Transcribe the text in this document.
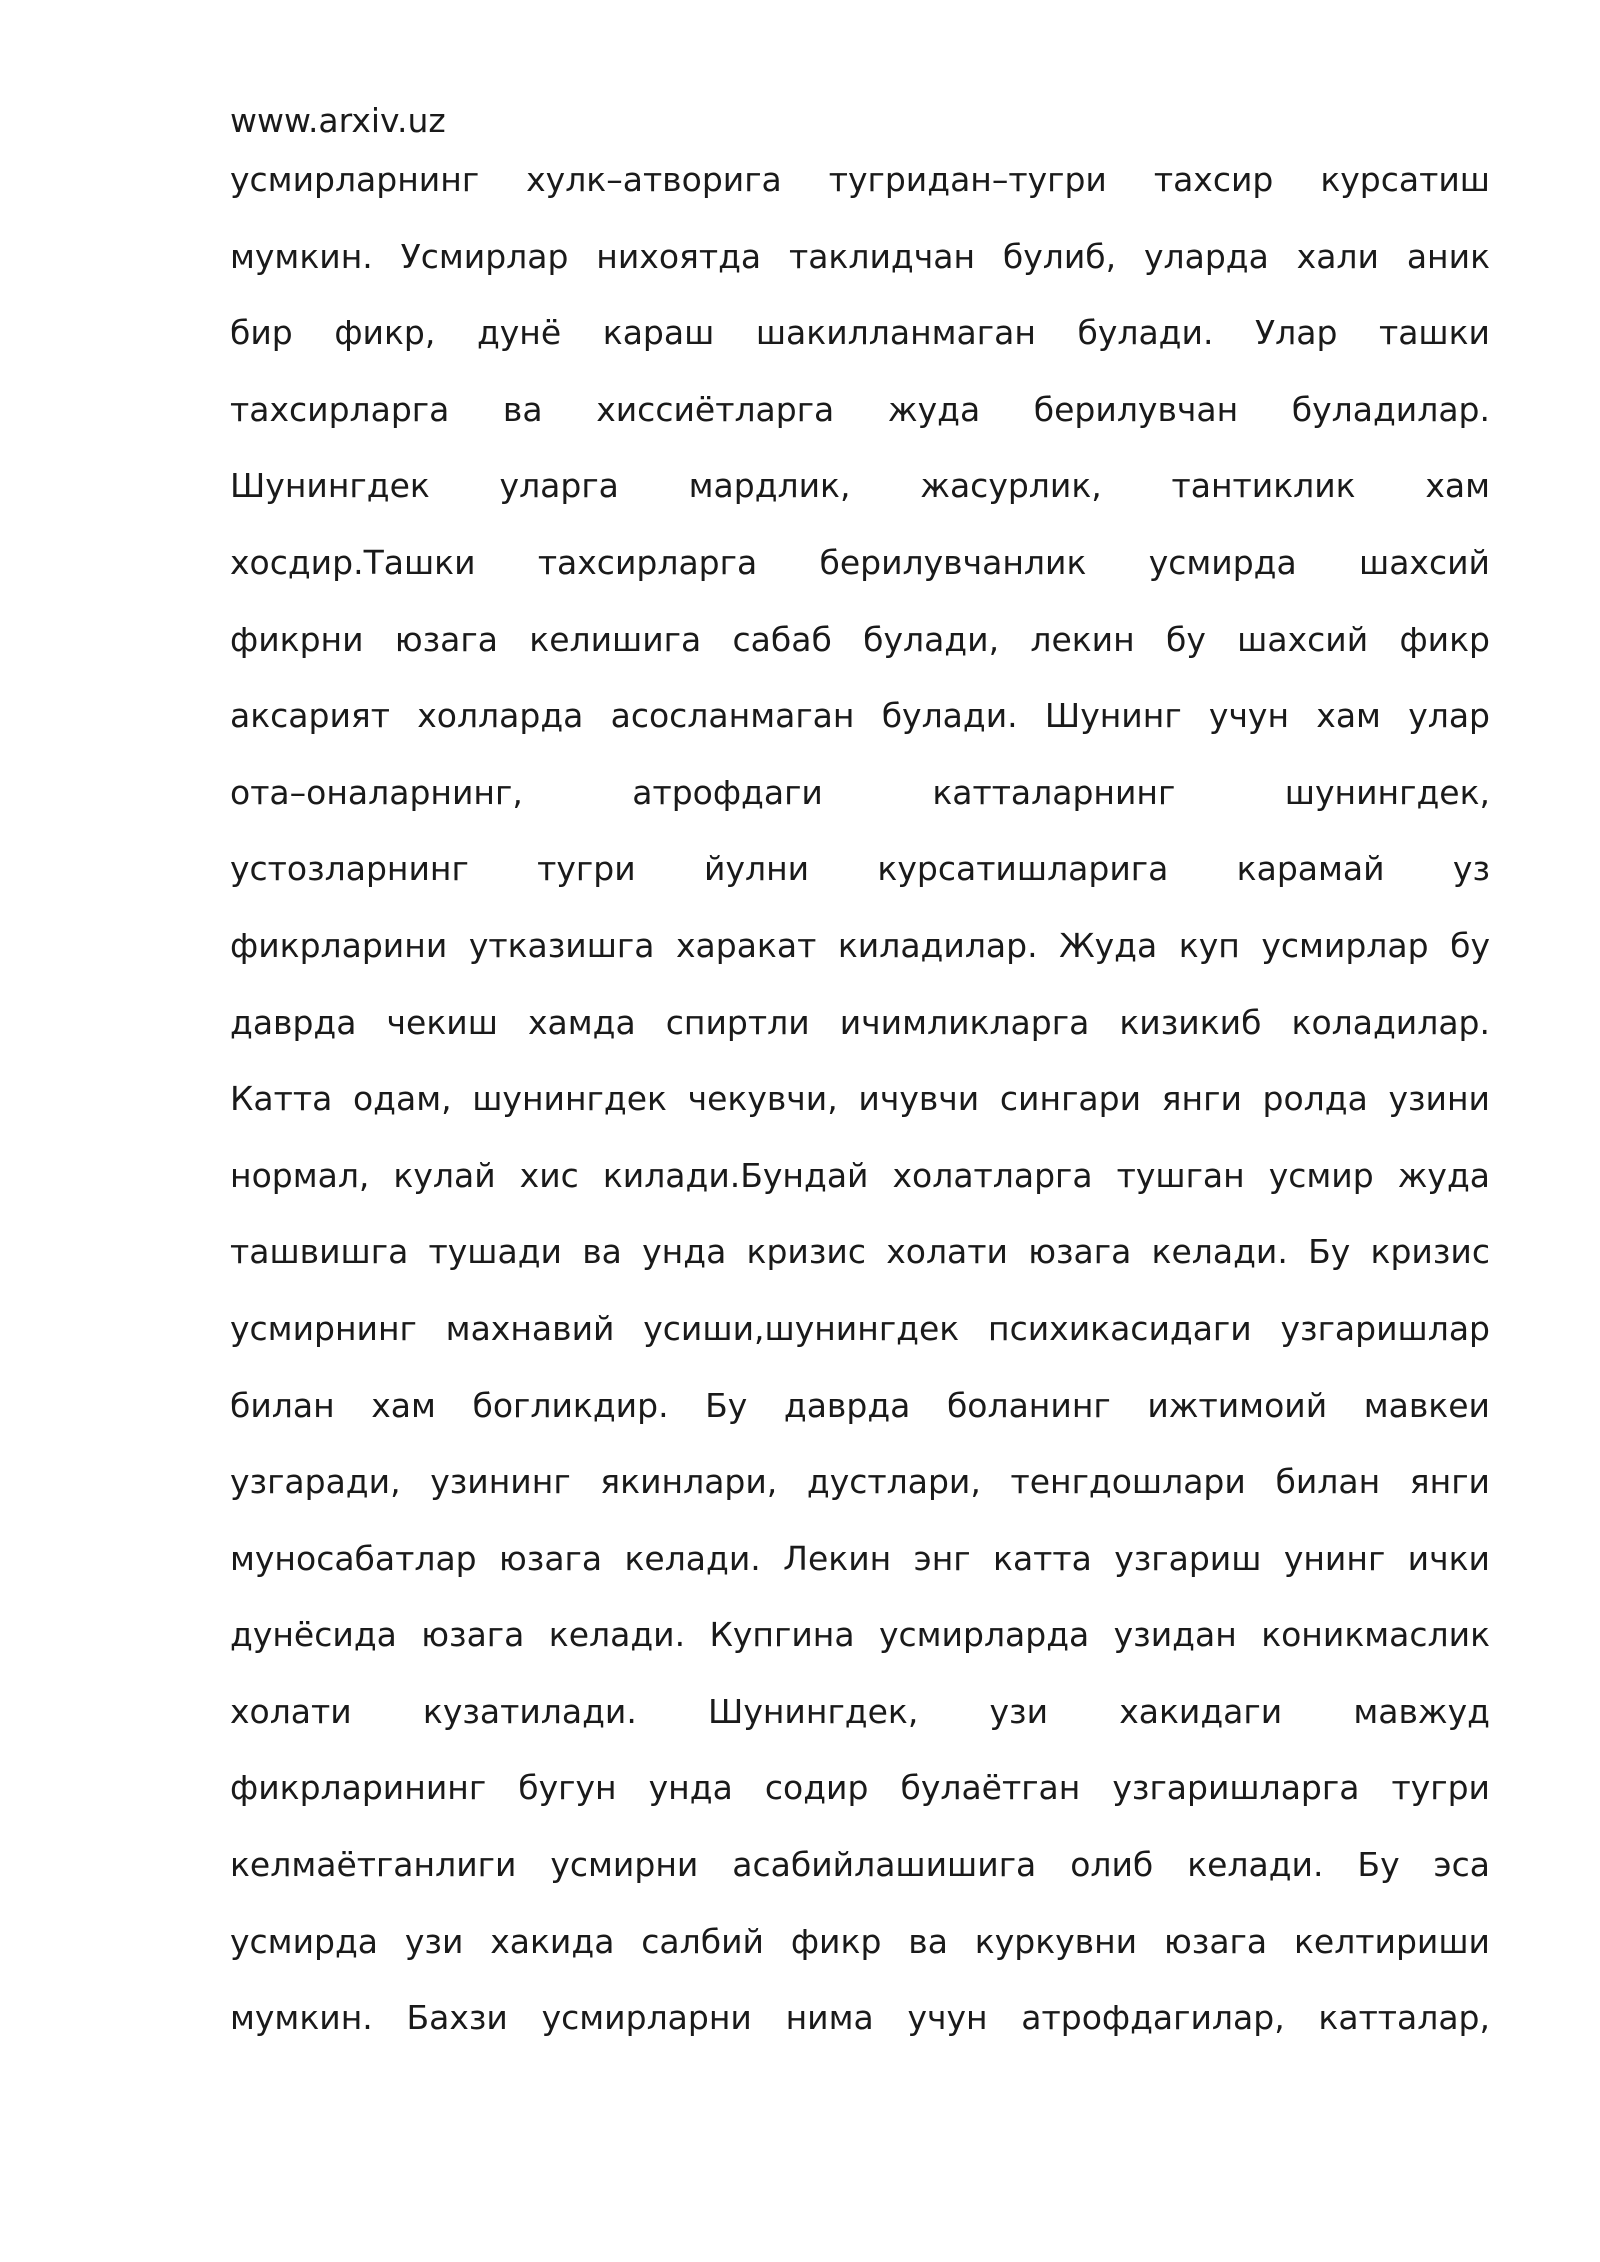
www.arxiv.uz
усмирларнинг хулк–атворига тугридан–тугри тахсир курсатиш
мумкин. Усмирлар нихоятда таклидчан булиб, уларда хали аник
бир фикр, дунё караш шакилланмаган булади. Улар ташки
тахсирларга ва хиссиётларга жуда берилувчан буладилар.
Шунингдек уларга мардлик, жасурлик, тантиклик хам
хосдир.Ташки тахсирларга берилувчанлик усмирда шахсий
фикрни юзага келишига сабаб булади, лекин бу шахсий фикр
аксарият холларда асосланмаган булади. Шунинг учун хам улар
ота–оналарнинг, атрофдаги катталарнинг шунингдек,
устозларнинг тугри йулни курсатишларига карамай уз
фикрларини утказишга харакат киладилар. Жуда куп усмирлар бу
даврда чекиш хамда спиртли ичимликларга кизикиб коладилар.
Катта одам, шунингдек чекувчи, ичувчи сингари янги ролда узини
нормал, кулай хис килади.Бундай холатларга тушган усмир жуда
ташвишга тушади ва унда кризис холати юзага келади. Бу кризис
усмирнинг махнавий усиши,шунингдек психикасидаги узгаришлар
билан хам богликдир. Бу даврда боланинг ижтимоий мавкеи
узгаради, узининг якинлари, дустлари, тенгдошлари билан янги
муносабатлар юзага келади. Лекин энг катта узгариш унинг ички
дунёсида юзага келади. Купгина усмирларда узидан коникмаслик
холати кузатилади. Шунингдек, узи хакидаги мавжуд
фикрларининг бугун унда содир булаётган узгаришларга тугри
келмаётганлиги усмирни асабийлашишига олиб келади. Бу эса
усмирда узи хакида салбий фикр ва куркувни юзага келтириши
мумкин. Бахзи усмирларни нима учун атрофдагилар, катталар,
